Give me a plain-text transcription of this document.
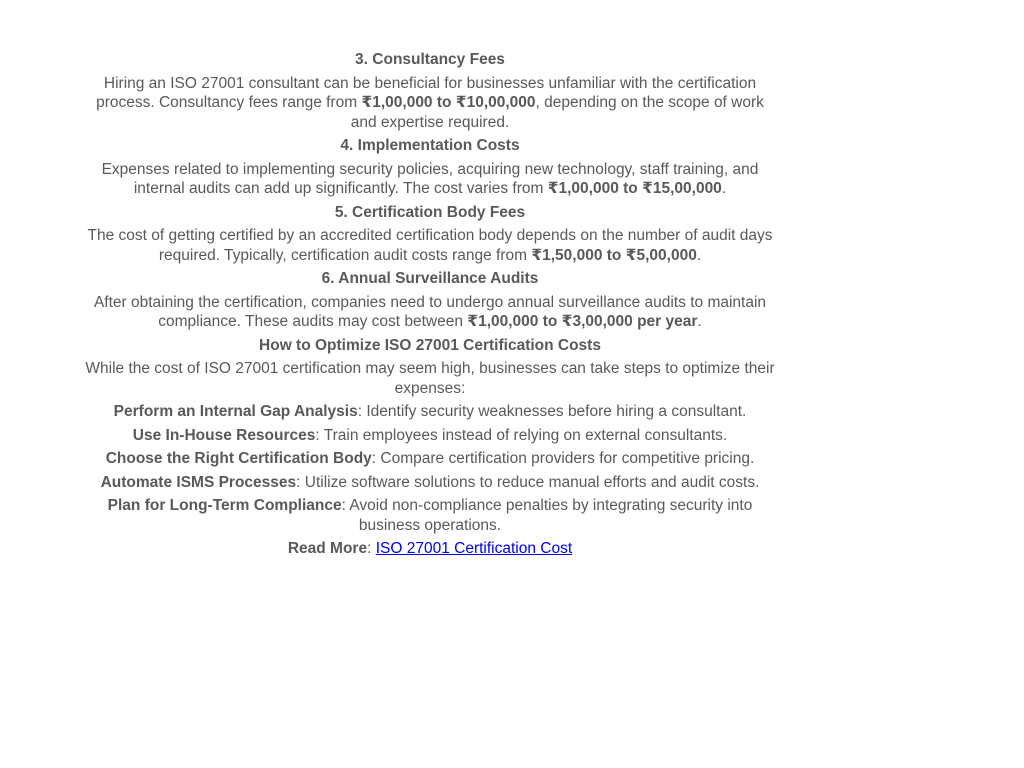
3. Consultancy Fees

Hiring an ISO 27001 consultant can be beneficial for businesses unfamiliar with the certification process. Consultancy fees range from ₹1,00,000 to ₹10,00,000, depending on the scope of work and expertise required.

4. Implementation Costs

Expenses related to implementing security policies, acquiring new technology, staff training, and internal audits can add up significantly. The cost varies from ₹1,00,000 to ₹15,00,000.

5. Certification Body Fees

The cost of getting certified by an accredited certification body depends on the number of audit days required. Typically, certification audit costs range from ₹1,50,000 to ₹5,00,000.

6. Annual Surveillance Audits

After obtaining the certification, companies need to undergo annual surveillance audits to maintain compliance. These audits may cost between ₹1,00,000 to ₹3,00,000 per year.

How to Optimize ISO 27001 Certification Costs

While the cost of ISO 27001 certification may seem high, businesses can take steps to optimize their expenses:

Perform an Internal Gap Analysis: Identify security weaknesses before hiring a consultant.

Use In-House Resources: Train employees instead of relying on external consultants.

Choose the Right Certification Body: Compare certification providers for competitive pricing.

Automate ISMS Processes: Utilize software solutions to reduce manual efforts and audit costs.

Plan for Long-Term Compliance: Avoid non-compliance penalties by integrating security into business operations.

Read More: ISO 27001 Certification Cost
